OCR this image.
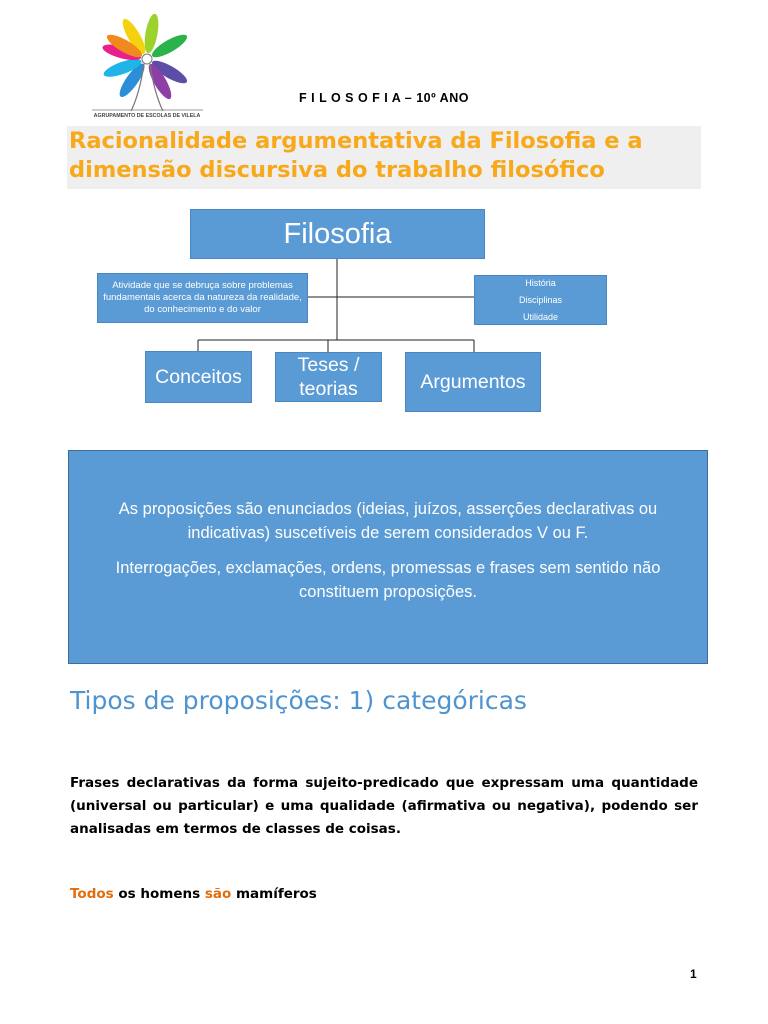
AGRUPAMENTO DE ESCOLAS DE VILELA
F I L O S O F I A – 10º ANO
Racionalidade argumentativa da Filosofia e a dimensão discursiva do trabalho filosófico
Filosofia
Atividade que se debruça sobre problemas fundamentais acerca da natureza da realidade, do conhecimento e do valor
História
Disciplinas
Utilidade
Conceitos
Teses / teorias	Argumentos

As proposições são enunciados (ideias, juízos, asserções declarativas ou indicativas) suscetíveis de serem considerados V ou F.

Interrogações, exclamações, ordens, promessas e frases sem sentido não constituem proposições.

Tipos de proposições: 1) categóricas
Frases declarativas da forma sujeito-predicado que expressam uma quantidade (universal ou particular) e uma qualidade (afirmativa ou negativa), podendo ser analisadas em termos de classes de coisas.
Todos os homens são mamíferos
1
